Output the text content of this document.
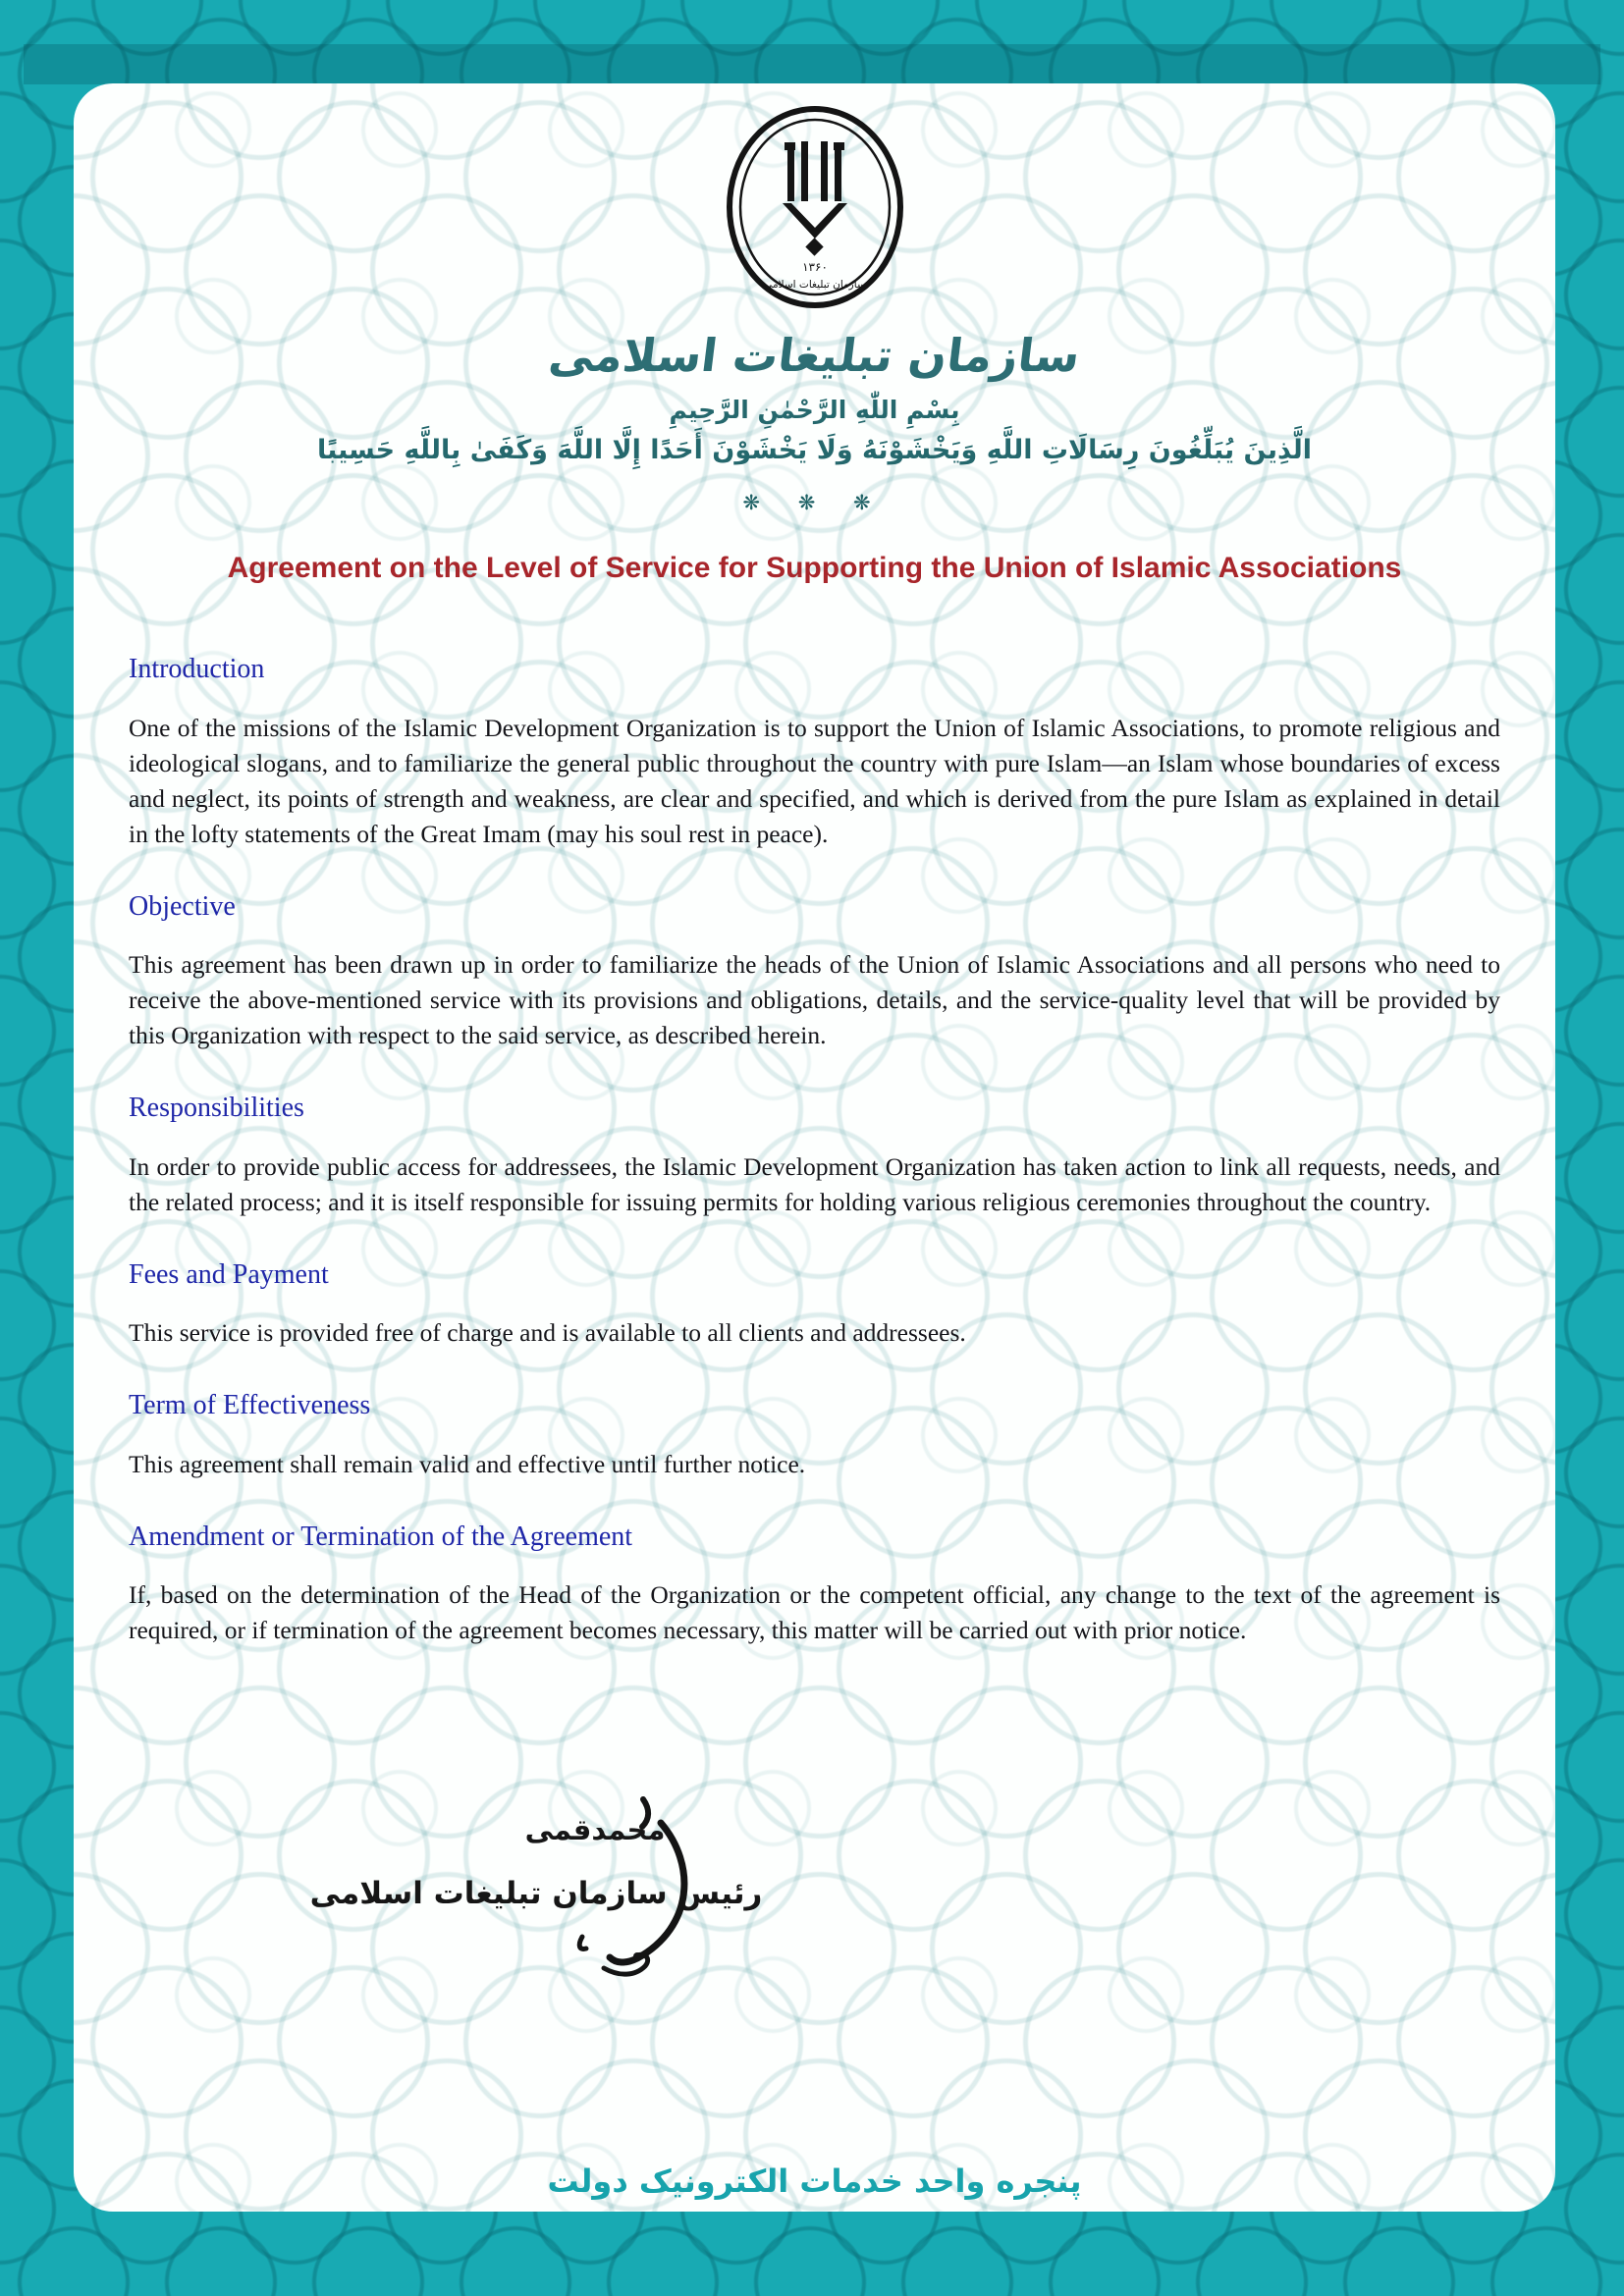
۱۳۶۰
سازمان تبلیغات اسلامی
سازمان تبلیغات اسلامی
بِسْمِ اللّٰهِ الرَّحْمٰنِ الرَّحِيمِ
الَّذِينَ يُبَلِّغُونَ رِسَالَاتِ اللَّهِ وَيَخْشَوْنَهُ وَلَا يَخْشَوْنَ أَحَدًا إِلَّا اللَّهَ وَكَفَىٰ بِاللَّهِ حَسِيبًا
❋ ❋ ❋
Agreement on the Level of Service for Supporting the Union of Islamic Associations
Introduction

One of the missions of the Islamic Development Organization is to support the Union of Islamic Associations, to promote religious and ideological slogans, and to familiarize the general public throughout the country with pure Islam—an Islam whose boundaries of excess and neglect, its points of strength and weakness, are clear and specified, and which is derived from the pure Islam as explained in detail in the lofty statements of the Great Imam (may his soul rest in peace).

Objective

This agreement has been drawn up in order to familiarize the heads of the Union of Islamic Associations and all persons who need to receive the above-mentioned service with its provisions and obligations, details, and the service-quality level that will be provided by this Organization with respect to the said service, as described herein.

Responsibilities

In order to provide public access for addressees, the Islamic Development Organization has taken action to link all requests, needs, and the related process; and it is itself responsible for issuing permits for holding various religious ceremonies throughout the country.

Fees and Payment

This service is provided free of charge and is available to all clients and addressees.

Term of Effectiveness

This agreement shall remain valid and effective until further notice.

Amendment or Termination of the Agreement

If, based on the determination of the Head of the Organization or the competent official, any change to the text of the agreement is required, or if termination of the agreement becomes necessary, this matter will be carried out with prior notice.

محمدقمی
رئیس سازمان تبلیغات اسلامی
پنجره واحد خدمات الکترونیک دولت
